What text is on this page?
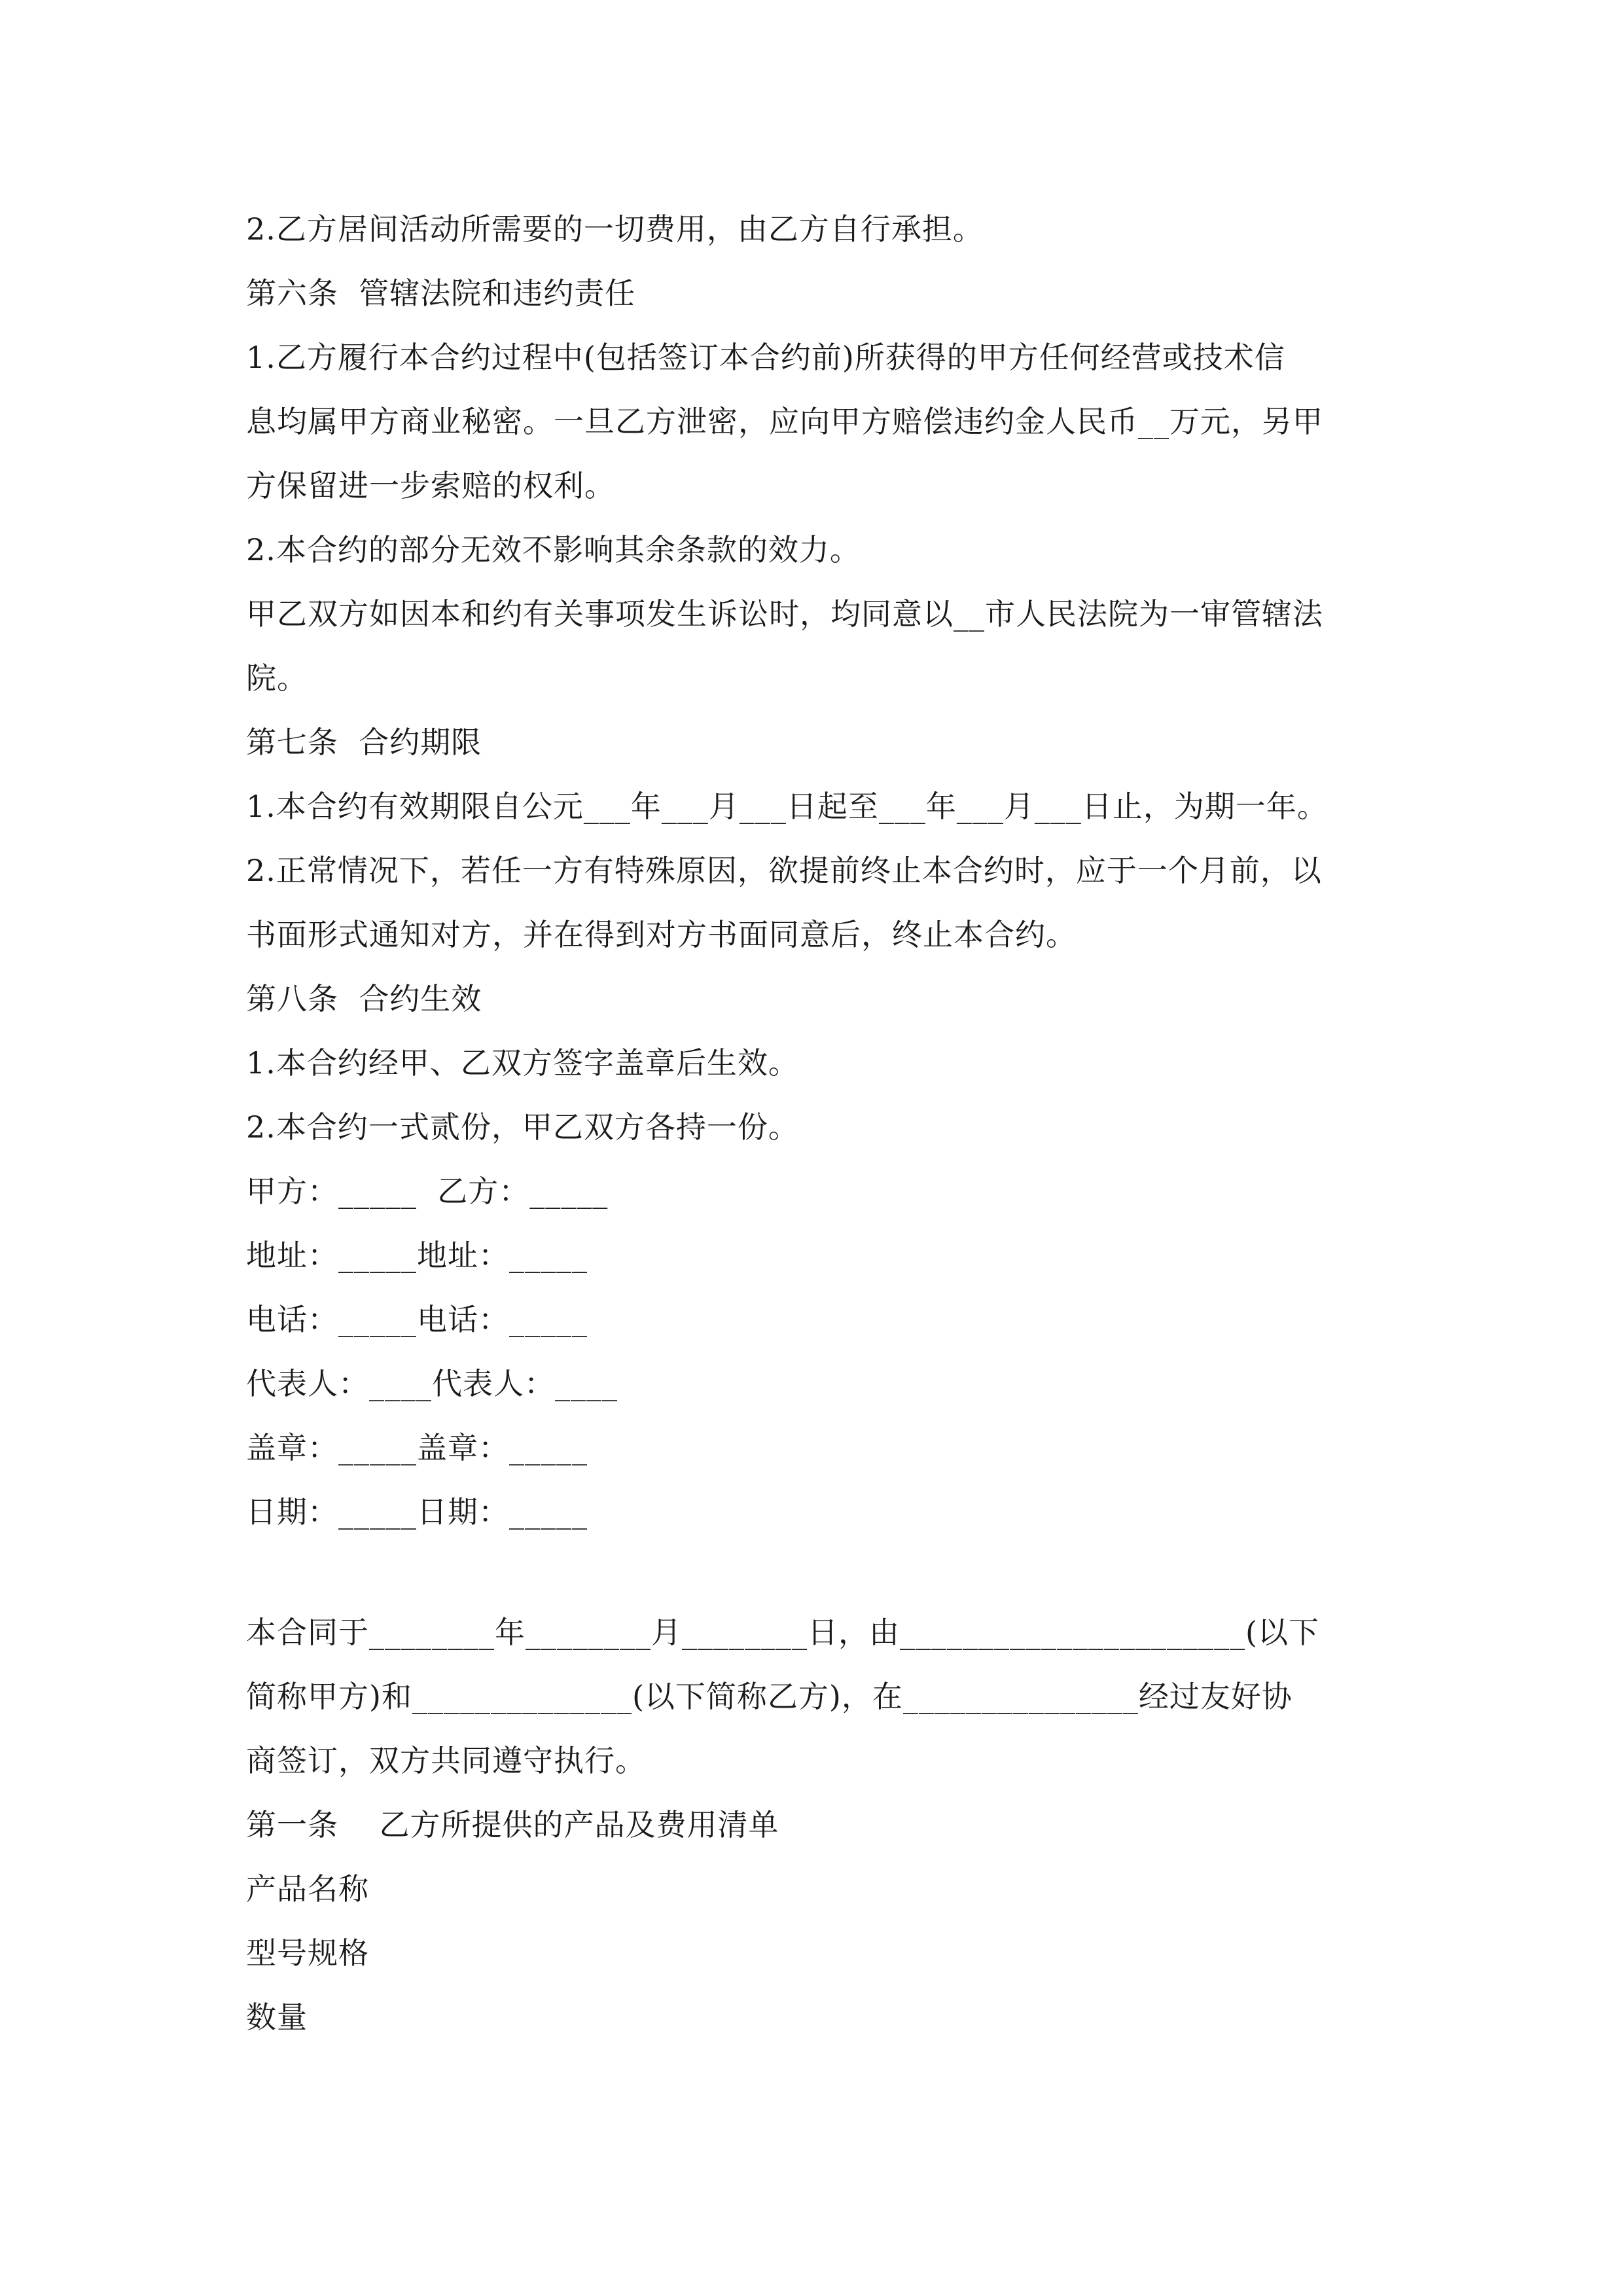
2.乙方居间活动所需要的一切费用，由乙方自行承担。

第六条  管辖法院和违约责任

1.乙方履行本合约过程中(包括签订本合约前)所获得的甲方任何经营或技术信

息均属甲方商业秘密。一旦乙方泄密，应向甲方赔偿违约金人民币__万元，另甲

方保留进一步索赔的权利。

2.本合约的部分无效不影响其余条款的效力。

甲乙双方如因本和约有关事项发生诉讼时，均同意以__市人民法院为一审管辖法

院。

第七条  合约期限

1.本合约有效期限自公元___年___月___日起至___年___月___日止，为期一年。

2.正常情况下，若任一方有特殊原因，欲提前终止本合约时，应于一个月前，以

书面形式通知对方，并在得到对方书面同意后，终止本合约。

第八条  合约生效

1.本合约经甲、乙双方签字盖章后生效。

2.本合约一式贰份，甲乙双方各持一份。

甲方：_____  乙方：_____

地址：_____地址：_____

电话：_____电话：_____

代表人：____代表人：____

盖章：_____盖章：_____

日期：_____日期：_____

本合同于________年________月________日，由______________________(以下

简称甲方)和______________(以下简称乙方)，在_______________经过友好协

商签订，双方共同遵守执行。

第一条    乙方所提供的产品及费用清单

产品名称

型号规格

数量
